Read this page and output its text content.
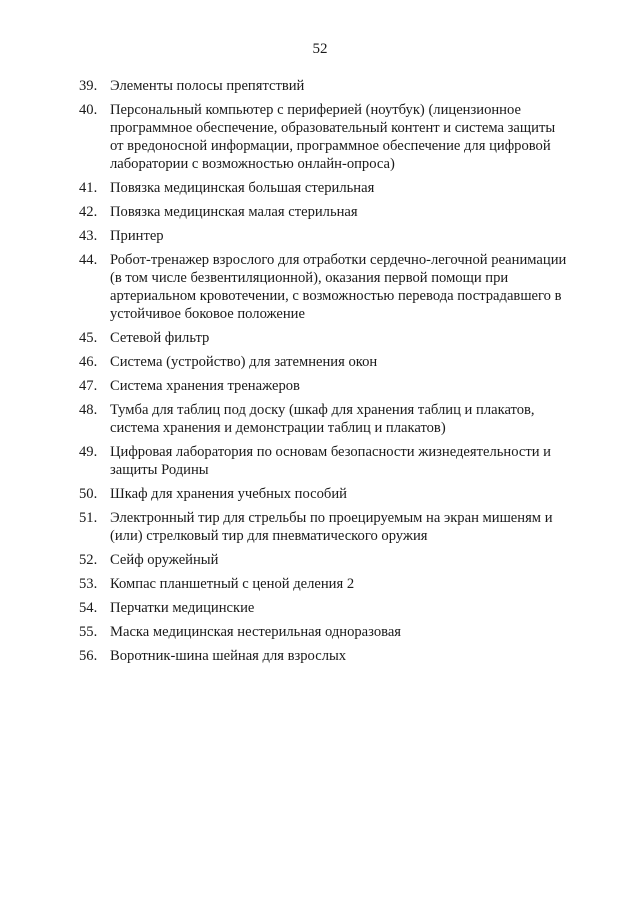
52
39. Элементы полосы препятствий
40. Персональный компьютер с периферией (ноутбук) (лицензионное программное обеспечение, образовательный контент и система защиты от вредоносной информации, программное обеспечение для цифровой лаборатории с возможностью онлайн-опроса)
41. Повязка медицинская большая стерильная
42. Повязка медицинская малая стерильная
43. Принтер
44. Робот-тренажер взрослого для отработки сердечно-легочной реанимации (в том числе безвентиляционной), оказания первой помощи при артериальном кровотечении, с возможностью перевода пострадавшего в устойчивое боковое положение
45. Сетевой фильтр
46. Система (устройство) для затемнения окон
47. Система хранения тренажеров
48. Тумба для таблиц под доску (шкаф для хранения таблиц и плакатов, система хранения и демонстрации таблиц и плакатов)
49. Цифровая лаборатория по основам безопасности жизнедеятельности и защиты Родины
50. Шкаф для хранения учебных пособий
51. Электронный тир для стрельбы по проецируемым на экран мишеням и (или) стрелковый тир для пневматического оружия
52. Сейф оружейный
53. Компас планшетный с ценой деления 2
54. Перчатки медицинские
55. Маска медицинская нестерильная одноразовая
56. Воротник-шина шейная для взрослых
